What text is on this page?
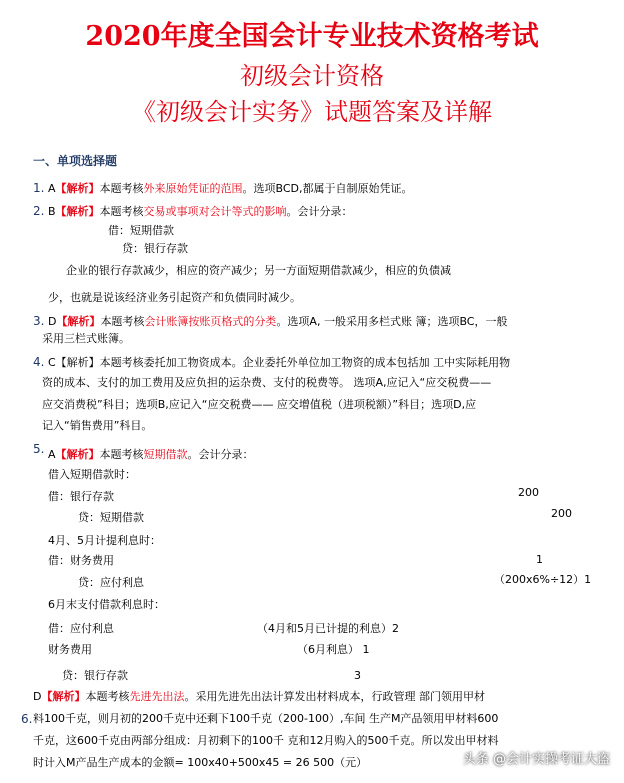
2020年度全国会计专业技术资格考试
初级会计资格
《初级会计实务》试题答案及详解
一、单项选择题
1. A【解析】本题考核外来原始凭证的范围。选项BCD,都属于自制原始凭证。
2. B【解析】本题考核交易或事项对会计等式的影响。会计分录：
借：短期借款
贷：银行存款
企业的银行存款减少，相应的资产减少；另一方面短期借款减少，相应的负债减
少，也就是说该经济业务引起资产和负债同时减少。
3. D【解析】本题考核会计账簿按账页格式的分类。选项A, 一般采用多栏式账 簿；选项BC，一般
采用三栏式账簿。
4. C【解析】本题考核委托加工物资成本。企业委托外单位加工物资的成本包括加 工中实际耗用物
资的成本、支付的加工费用及应负担的运杂费、支付的税费等。 选项A,应记入“应交税费——
应交消费税”科目；选项B,应记入“应交税费—— 应交增值税（进项税额）”科目；选项D,应
记入“销售费用”科目。
5. A【解析】本题考核短期借款。会计分录：
借入短期借款时：
借：银行存款	200
贷：短期借款	200
4月、5月计提利息时：
借：财务费用	1
贷：应付利息	（200x6%÷12）1
6月末支付借款利息时：
借：应付利息	（4月和5月已计提的利息）2
财务费用	（6月利息） 1
贷：银行存款	3
D【解析】本题考核先进先出法。采用先进先出法计算发出材料成本，行政管理 部门领用甲材
6. 料100千克，则月初的200千克中还剩下100千克（200-100）,车间 生产M产品领用甲材料600
千克，这600千克由两部分组成：月初剩下的100千 克和12月购入的500千克。所以发出甲材料
时计入M产品生产成本的金额= 100x40+500x45 = 26 500（元）	头条 @会计实操考证大盗
